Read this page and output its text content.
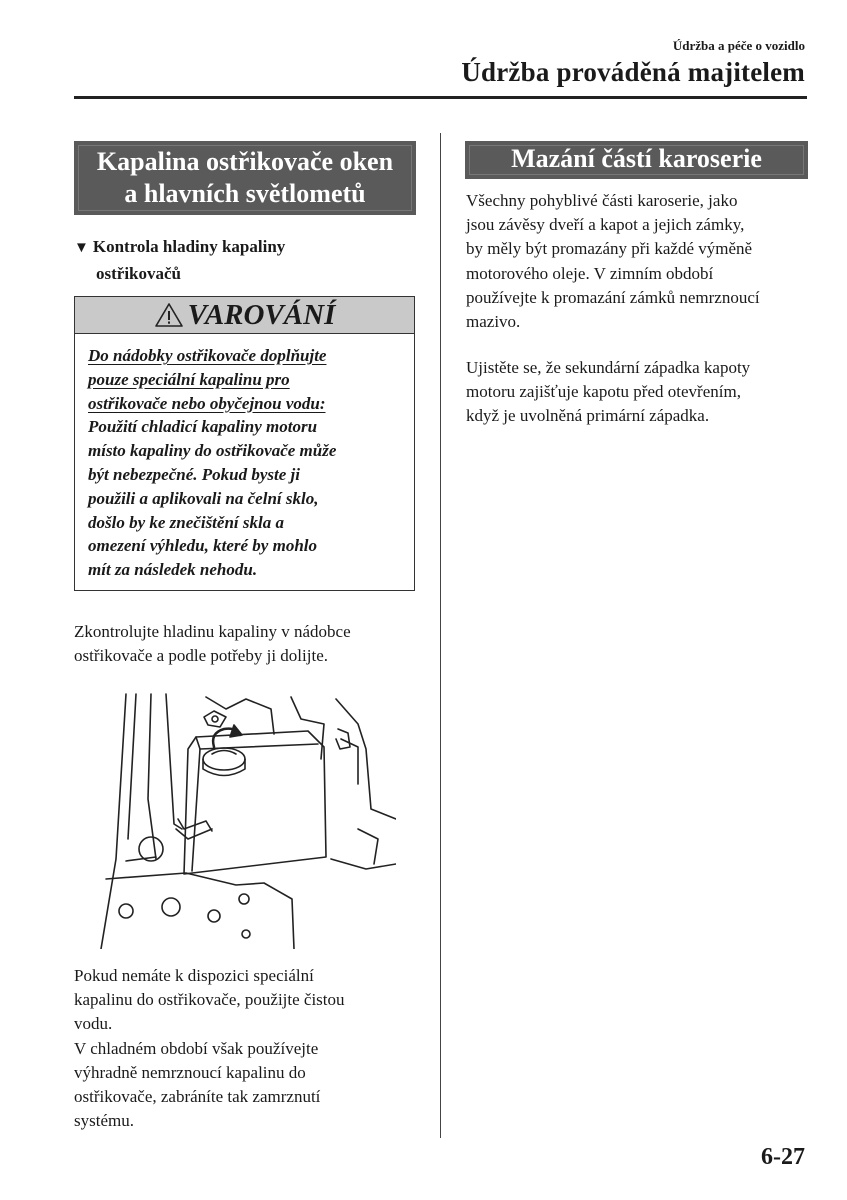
Údržba a péče o vozidlo
Údržba prováděná majitelem
Kapalina ostřikovače oken
a hlavních světlometů
▼ Kontrola hladiny kapaliny
ostřikovačů
VAROVÁNÍ
Do nádobky ostřikovače doplňujte
pouze speciální kapalinu pro
ostřikovače nebo obyčejnou vodu:
Použití chladicí kapaliny motoru
místo kapaliny do ostřikovače může
být nebezpečné. Pokud byste ji
použili a aplikovali na čelní sklo,
došlo by ke znečištění skla a
omezení výhledu, které by mohlo
mít za následek nehodu.
Zkontrolujte hladinu kapaliny v nádobce
ostřikovače a podle potřeby ji dolijte.
Pokud nemáte k dispozici speciální
kapalinu do ostřikovače, použijte čistou
vodu.
V chladném období však používejte
výhradně nemrznoucí kapalinu do
ostřikovače, zabráníte tak zamrznutí
systému.
Mazání částí karoserie
Všechny pohyblivé části karoserie, jako
jsou závěsy dveří a kapot a jejich zámky,
by měly být promazány při každé výměně
motorového oleje. V zimním období
používejte k promazání zámků nemrznoucí
mazivo.
Ujistěte se, že sekundární západka kapoty
motoru zajišťuje kapotu před otevřením,
když je uvolněná primární západka.
6-27
